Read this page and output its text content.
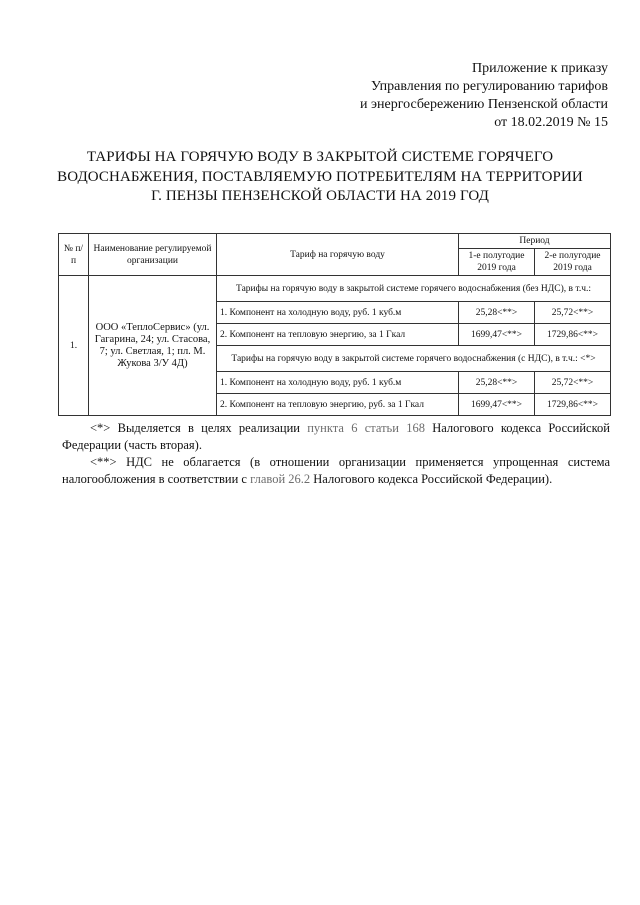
Приложение к приказу
Управления по регулированию тарифов
и энергосбережению Пензенской области
от 18.02.2019 № 15
ТАРИФЫ НА ГОРЯЧУЮ ВОДУ В ЗАКРЫТОЙ СИСТЕМЕ ГОРЯЧЕГО
ВОДОСНАБЖЕНИЯ, ПОСТАВЛЯЕМУЮ ПОТРЕБИТЕЛЯМ НА ТЕРРИТОРИИ
Г. ПЕНЗЫ ПЕНЗЕНСКОЙ ОБЛАСТИ НА 2019 ГОД
№ п/п	Наименование регулируемой организации	Тариф на горячую воду	Период	
			1-е полугодие 2019 года	2-е полугодие 2019 года
1.	ООО «ТеплоСервис» (ул. Гагарина, 24; ул. Стасова, 7; ул. Светлая, 1; пл. М. Жукова 3/У 4Д)	Тарифы на горячую воду в закрытой системе горячего водоснабжения (без НДС), в т.ч.:		
		1. Компонент на холодную воду, руб. 1 куб.м	25,28<**>	25,72<**>
		2. Компонент на тепловую энергию, за 1 Гкал	1699,47<**>	1729,86<**>
		Тарифы на горячую воду в закрытой системе горячего водоснабжения (с НДС), в т.ч.: <*>		
		1. Компонент на холодную воду, руб. 1 куб.м	25,28<**>	25,72<**>
		2. Компонент на тепловую энергию, руб. за 1 Гкал	1699,47<**>	1729,86<**>

<*> Выделяется в целях реализации пункта 6 статьи 168 Налогового кодекса Российской Федерации (часть вторая).

<**> НДС не облагается (в отношении организации применяется упрощенная система налогообложения в соответствии с главой 26.2 Налогового кодекса Российской Федерации).
